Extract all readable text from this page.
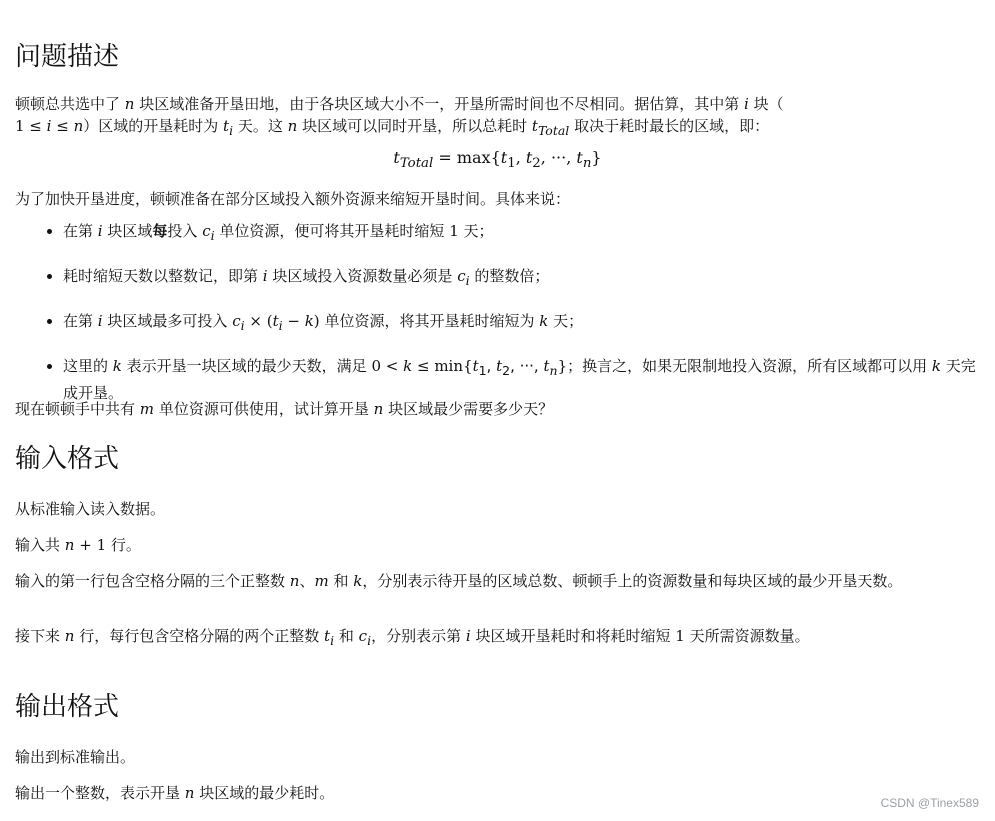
问题描述

顿顿总共选中了 n 块区域准备开垦田地，由于各块区域大小不一，开垦所需时间也不尽相同。据估算，其中第 i 块（
1 ≤ i ≤ n）区域的开垦耗时为 $t_i$ 天。这 n 块区域可以同时开垦，所以总耗时 $t_{Total}$ 取决于耗时最长的区域，即：

$t_{Total} = \max\{t_1$, $t_2$, ···, $t_n$}

为了加快开垦进度，顿顿准备在部分区域投入额外资源来缩短开垦时间。具体来说：

• 在第 i 块区域每投入 $c_i$ 单位资源，便可将其开垦耗时缩短 1 天；
• 耗时缩短天数以整数记，即第 i 块区域投入资源数量必须是 $c_i$ 的整数倍；
• 在第 i 块区域最多可投入 $c_i \times (t_i - k)$ 单位资源，将其开垦耗时缩短为 k 天；
• 这里的 k 表示开垦一块区域的最少天数，满足 $0 < k \le \min\{t_1$, $t_2$, ···, $t_n$}；换言之，如果无限制地投入资源，所有区域都可以用 k 天完成开垦。

现在顿顿手中共有 m 单位资源可供使用，试计算开垦 n 块区域最少需要多少天？

输入格式

从标准输入读入数据。

输入共 n + 1 行。

输入的第一行包含空格分隔的三个正整数 n、m 和 k，分别表示待开垦的区域总数、顿顿手上的资源数量和每块区域的最少开垦天数。

接下来 n 行，每行包含空格分隔的两个正整数 $t_i$ 和 $c_i$，分别表示第 i 块区域开垦耗时和将耗时缩短 1 天所需资源数量。

输出格式

输出到标准输出。

输出一个整数，表示开垦 n 块区域的最少耗时。

CSDN @Tinex589
